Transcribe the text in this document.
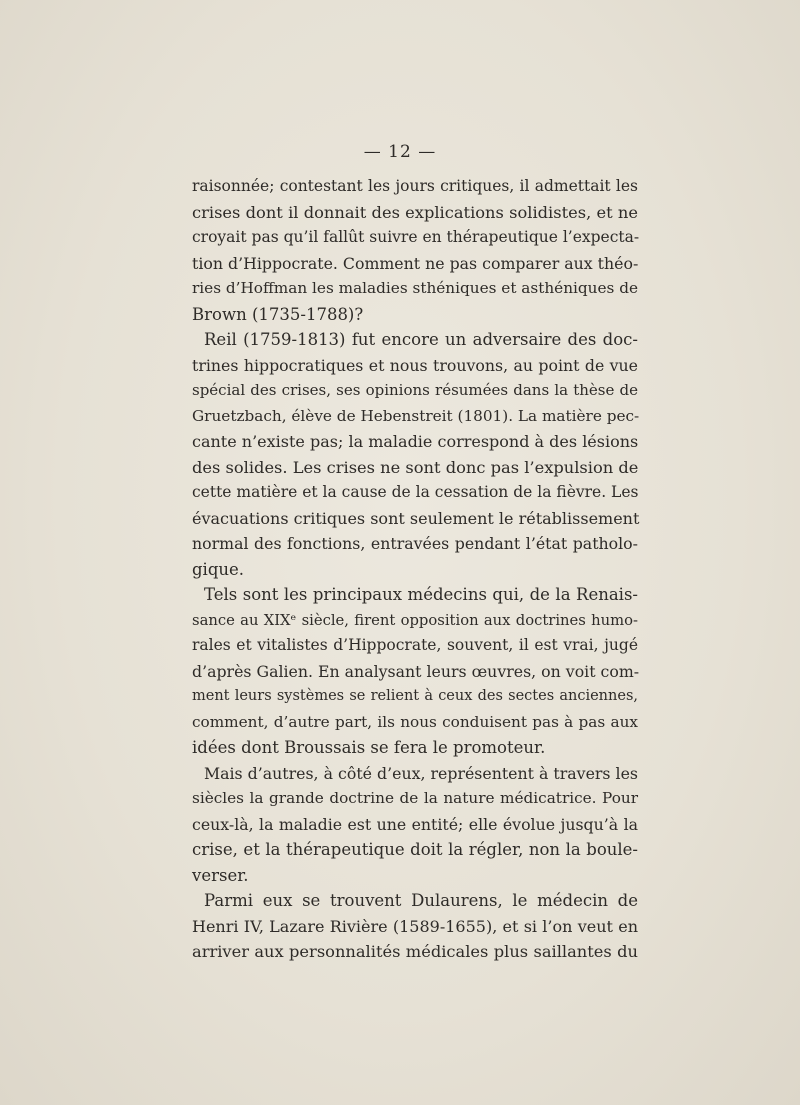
— 12 —
raisonnée; contestant les jours critiques, il admettait les
crises dont il donnait des explications solidistes, et ne
croyait pas qu’il fallût suivre en thérapeutique l’expecta-
tion d’Hippocrate. Comment ne pas comparer aux théo-
ries d’Hoffman les maladies sthéniques et asthéniques de
Brown (1735-1788)?
Reil (1759-1813) fut encore un adversaire des doc-
trines hippocratiques et nous trouvons, au point de vue
spécial des crises, ses opinions résumées dans la thèse de
Gruetzbach, élève de Hebenstreit (1801). La matière pec-
cante n’existe pas; la maladie correspond à des lésions
des solides. Les crises ne sont donc pas l’expulsion de
cette matière et la cause de la cessation de la fièvre. Les
évacuations critiques sont seulement le rétablissement
normal des fonctions, entravées pendant l’état patholo-
gique.
Tels sont les principaux médecins qui, de la Renais-
sance au XIXᵉ siècle, firent opposition aux doctrines humo-
rales et vitalistes d’Hippocrate, souvent, il est vrai, jugé
d’après Galien. En analysant leurs œuvres, on voit com-
ment leurs systèmes se relient à ceux des sectes anciennes,
comment, d’autre part, ils nous conduisent pas à pas aux
idées dont Broussais se fera le promoteur.
Mais d’autres, à côté d’eux, représentent à travers les
siècles la grande doctrine de la nature médicatrice. Pour
ceux-là, la maladie est une entité; elle évolue jusqu’à la
crise, et la thérapeutique doit la régler, non la boule-
verser.
Parmi eux se trouvent Dulaurens, le médecin de
Henri IV, Lazare Rivière (1589-1655), et si l’on veut en
arriver aux personnalités médicales plus saillantes du
